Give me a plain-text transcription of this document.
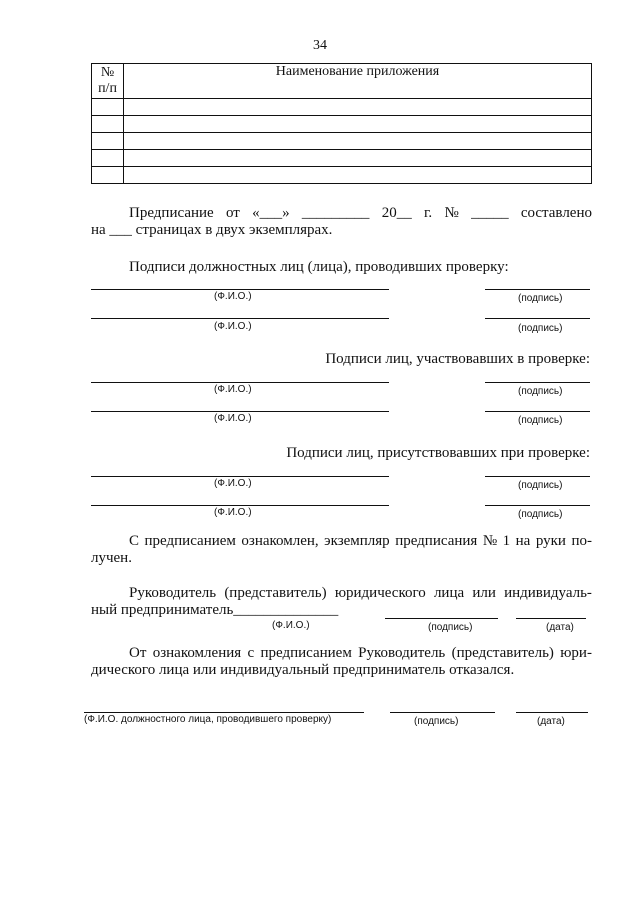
34
№
п/п	Наименование приложения

Предписание от «___» _________ 20__ г. № _____ составлено
на ___ страницах в двух экземплярах.
Подписи должностных лиц (лица), проводивших проверку:
(Ф.И.О.)	(подпись)
(Ф.И.О.)	(подпись)
Подписи лиц, участвовавших в проверке:
(Ф.И.О.)	(подпись)
(Ф.И.О.)	(подпись)
Подписи лиц, присутствовавших при проверке:
(Ф.И.О.)	(подпись)
(Ф.И.О.)	(подпись)
С предписанием ознакомлен, экземпляр предписания № 1 на руки по-
лучен.
Руководитель (представитель) юридического лица или индивидуаль-
ный предприниматель______________
(Ф.И.О.)	(подпись)	(дата)
От ознакомления с предписанием Руководитель (представитель) юри-
дического лица или индивидуальный предприниматель отказался.
(Ф.И.О. должностного лица, проводившего проверку)	(подпись)	(дата)
